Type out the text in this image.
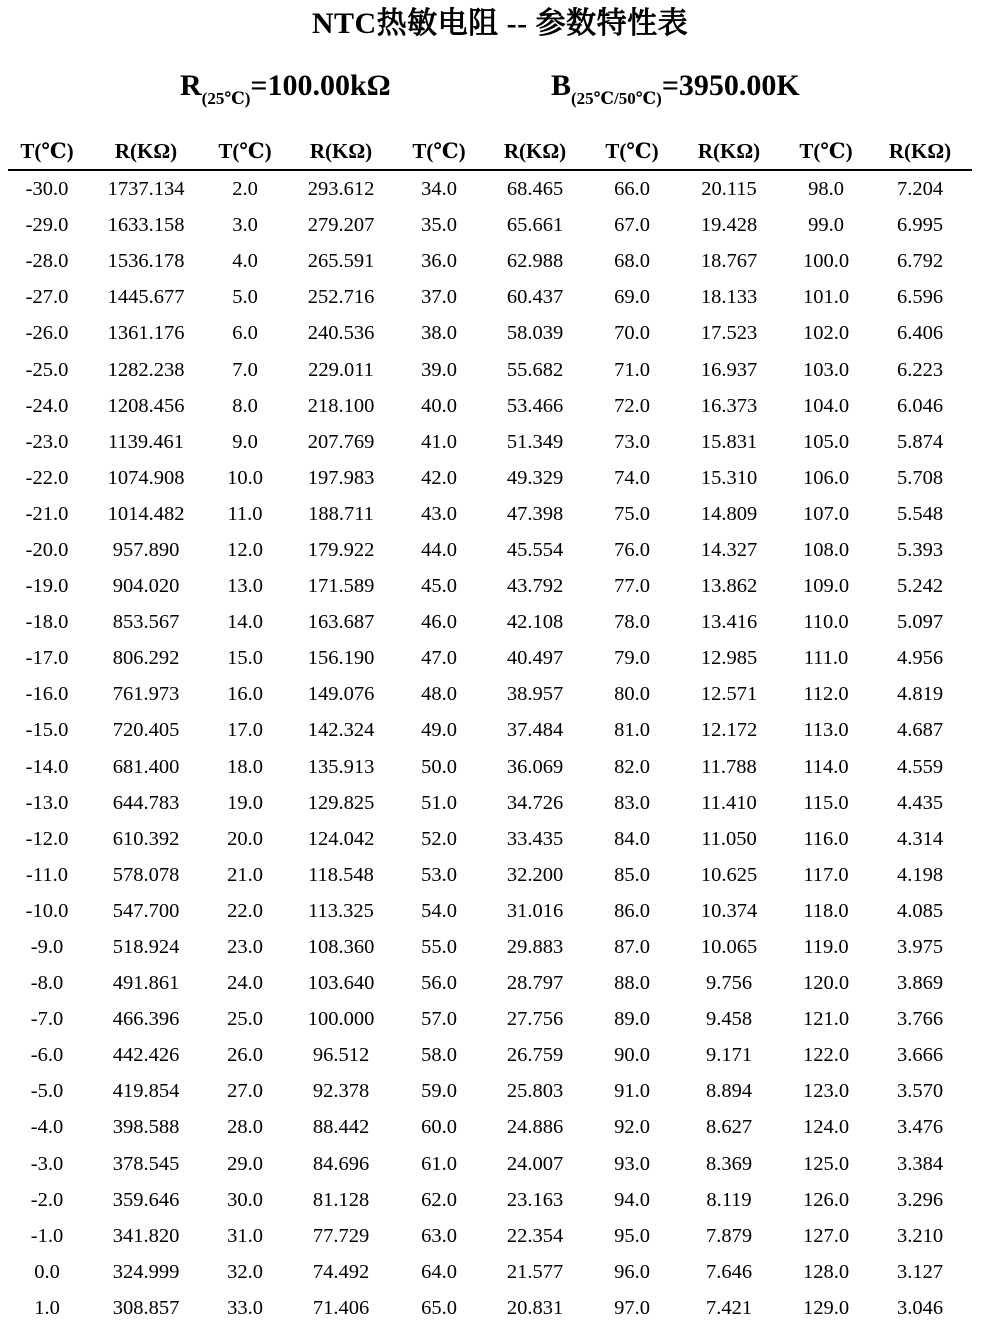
NTC热敏电阻 -- 参数特性表
$R_{(25℃)}=100.00k\Omega$	$B_{(25℃/50℃)}=3950.00K$
T(℃)	R(KΩ)	T(℃)	R(KΩ)	T(℃)	R(KΩ)	T(℃)	R(KΩ)	T(℃)	R(KΩ)
-30.0	1737.134	2.0	293.612	34.0	68.465	66.0	20.115	98.0	7.204
-29.0	1633.158	3.0	279.207	35.0	65.661	67.0	19.428	99.0	6.995
-28.0	1536.178	4.0	265.591	36.0	62.988	68.0	18.767	100.0	6.792
-27.0	1445.677	5.0	252.716	37.0	60.437	69.0	18.133	101.0	6.596
-26.0	1361.176	6.0	240.536	38.0	58.039	70.0	17.523	102.0	6.406
-25.0	1282.238	7.0	229.011	39.0	55.682	71.0	16.937	103.0	6.223
-24.0	1208.456	8.0	218.100	40.0	53.466	72.0	16.373	104.0	6.046
-23.0	1139.461	9.0	207.769	41.0	51.349	73.0	15.831	105.0	5.874
-22.0	1074.908	10.0	197.983	42.0	49.329	74.0	15.310	106.0	5.708
-21.0	1014.482	11.0	188.711	43.0	47.398	75.0	14.809	107.0	5.548
-20.0	957.890	12.0	179.922	44.0	45.554	76.0	14.327	108.0	5.393
-19.0	904.020	13.0	171.589	45.0	43.792	77.0	13.862	109.0	5.242
-18.0	853.567	14.0	163.687	46.0	42.108	78.0	13.416	110.0	5.097
-17.0	806.292	15.0	156.190	47.0	40.497	79.0	12.985	111.0	4.956
-16.0	761.973	16.0	149.076	48.0	38.957	80.0	12.571	112.0	4.819
-15.0	720.405	17.0	142.324	49.0	37.484	81.0	12.172	113.0	4.687
-14.0	681.400	18.0	135.913	50.0	36.069	82.0	11.788	114.0	4.559
-13.0	644.783	19.0	129.825	51.0	34.726	83.0	11.410	115.0	4.435
-12.0	610.392	20.0	124.042	52.0	33.435	84.0	11.050	116.0	4.314
-11.0	578.078	21.0	118.548	53.0	32.200	85.0	10.625	117.0	4.198
-10.0	547.700	22.0	113.325	54.0	31.016	86.0	10.374	118.0	4.085
-9.0	518.924	23.0	108.360	55.0	29.883	87.0	10.065	119.0	3.975
-8.0	491.861	24.0	103.640	56.0	28.797	88.0	9.756	120.0	3.869
-7.0	466.396	25.0	100.000	57.0	27.756	89.0	9.458	121.0	3.766
-6.0	442.426	26.0	96.512	58.0	26.759	90.0	9.171	122.0	3.666
-5.0	419.854	27.0	92.378	59.0	25.803	91.0	8.894	123.0	3.570
-4.0	398.588	28.0	88.442	60.0	24.886	92.0	8.627	124.0	3.476
-3.0	378.545	29.0	84.696	61.0	24.007	93.0	8.369	125.0	3.384
-2.0	359.646	30.0	81.128	62.0	23.163	94.0	8.119	126.0	3.296
-1.0	341.820	31.0	77.729	63.0	22.354	95.0	7.879	127.0	3.210
0.0	324.999	32.0	74.492	64.0	21.577	96.0	7.646	128.0	3.127
1.0	308.857	33.0	71.406	65.0	20.831	97.0	7.421	129.0	3.046
